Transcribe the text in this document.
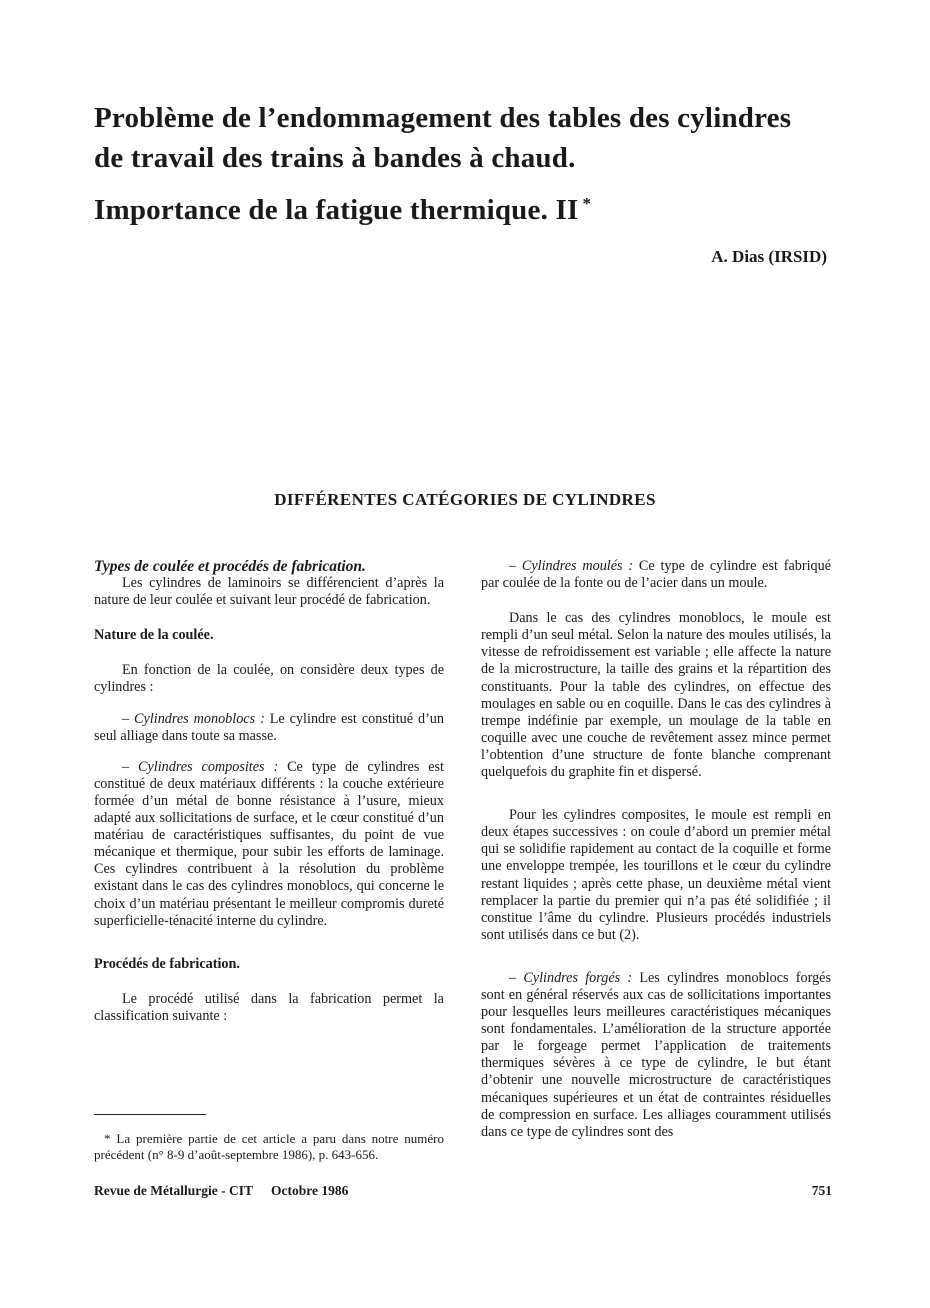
Problème de l’endommagement des tables des cylindres
de travail des trains à bandes à chaud.
Importance de la fatigue thermique. II *
A. Dias (IRSID)
DIFFÉRENTES CATÉGORIES DE CYLINDRES

Types de coulée et procédés de fabrication.

Les cylindres de laminoirs se différencient d’après la nature de leur coulée et suivant leur procédé de fabrication.

Nature de la coulée.

En fonction de la coulée, on considère deux types de cylindres :

– Cylindres monoblocs : Le cylindre est constitué d’un seul alliage dans toute sa masse.

– Cylindres composites : Ce type de cylindres est constitué de deux matériaux différents : la couche extérieure formée d’un métal de bonne résistance à l’usure, mieux adapté aux sollicitations de surface, et le cœur constitué d’un matériau de caractéristiques suffisantes, du point de vue mécanique et thermique, pour subir les efforts de laminage. Ces cylindres contribuent à la résolution du problème existant dans le cas des cylindres monoblocs, qui concerne le choix d’un matériau présentant le meilleur compromis dureté superficielle-ténacité interne du cylindre.

Procédés de fabrication.

Le procédé utilisé dans la fabrication permet la classification suivante :

– Cylindres moulés : Ce type de cylindre est fabriqué par coulée de la fonte ou de l’acier dans un moule.

Dans le cas des cylindres monoblocs, le moule est rempli d’un seul métal. Selon la nature des moules utilisés, la vitesse de refroidissement est variable ; elle affecte la nature de la microstructure, la taille des grains et la répartition des constituants. Pour la table des cylindres, on effectue des moulages en sable ou en coquille. Dans le cas des cylindres à trempe indéfinie par exemple, un moulage de la table en coquille avec une couche de revêtement assez mince permet l’obtention d’une structure de fonte blanche comprenant quelquefois du graphite fin et dispersé.

Pour les cylindres composites, le moule est rempli en deux étapes successives : on coule d’abord un premier métal qui se solidifie rapidement au contact de la coquille et forme une enveloppe trempée, les tourillons et le cœur du cylindre restant liquides ; après cette phase, un deuxième métal vient remplacer la partie du premier qui n’a pas été solidifiée ; il constitue l’âme du cylindre. Plusieurs procédés industriels sont utilisés dans ce but (2).

– Cylindres forgés : Les cylindres monoblocs forgés sont en général réservés aux cas de sollicitations importantes pour lesquelles leurs meilleures caractéristiques mécaniques sont fondamentales. L’amélioration de la structure apportée par le forgeage permet l’application de traitements thermiques sévères à ce type de cylindre, le but étant d’obtenir une nouvelle microstructure de caractéristiques mécaniques supérieures et un état de contraintes résiduelles de compression en surface. Les alliages couramment utilisés dans ce type de cylindres sont des

* La première partie de cet article a paru dans notre numéro précédent (n° 8-9 d’août-septembre 1986), p. 643-656.
Revue de Métallurgie - CIT Octobre 1986	751
